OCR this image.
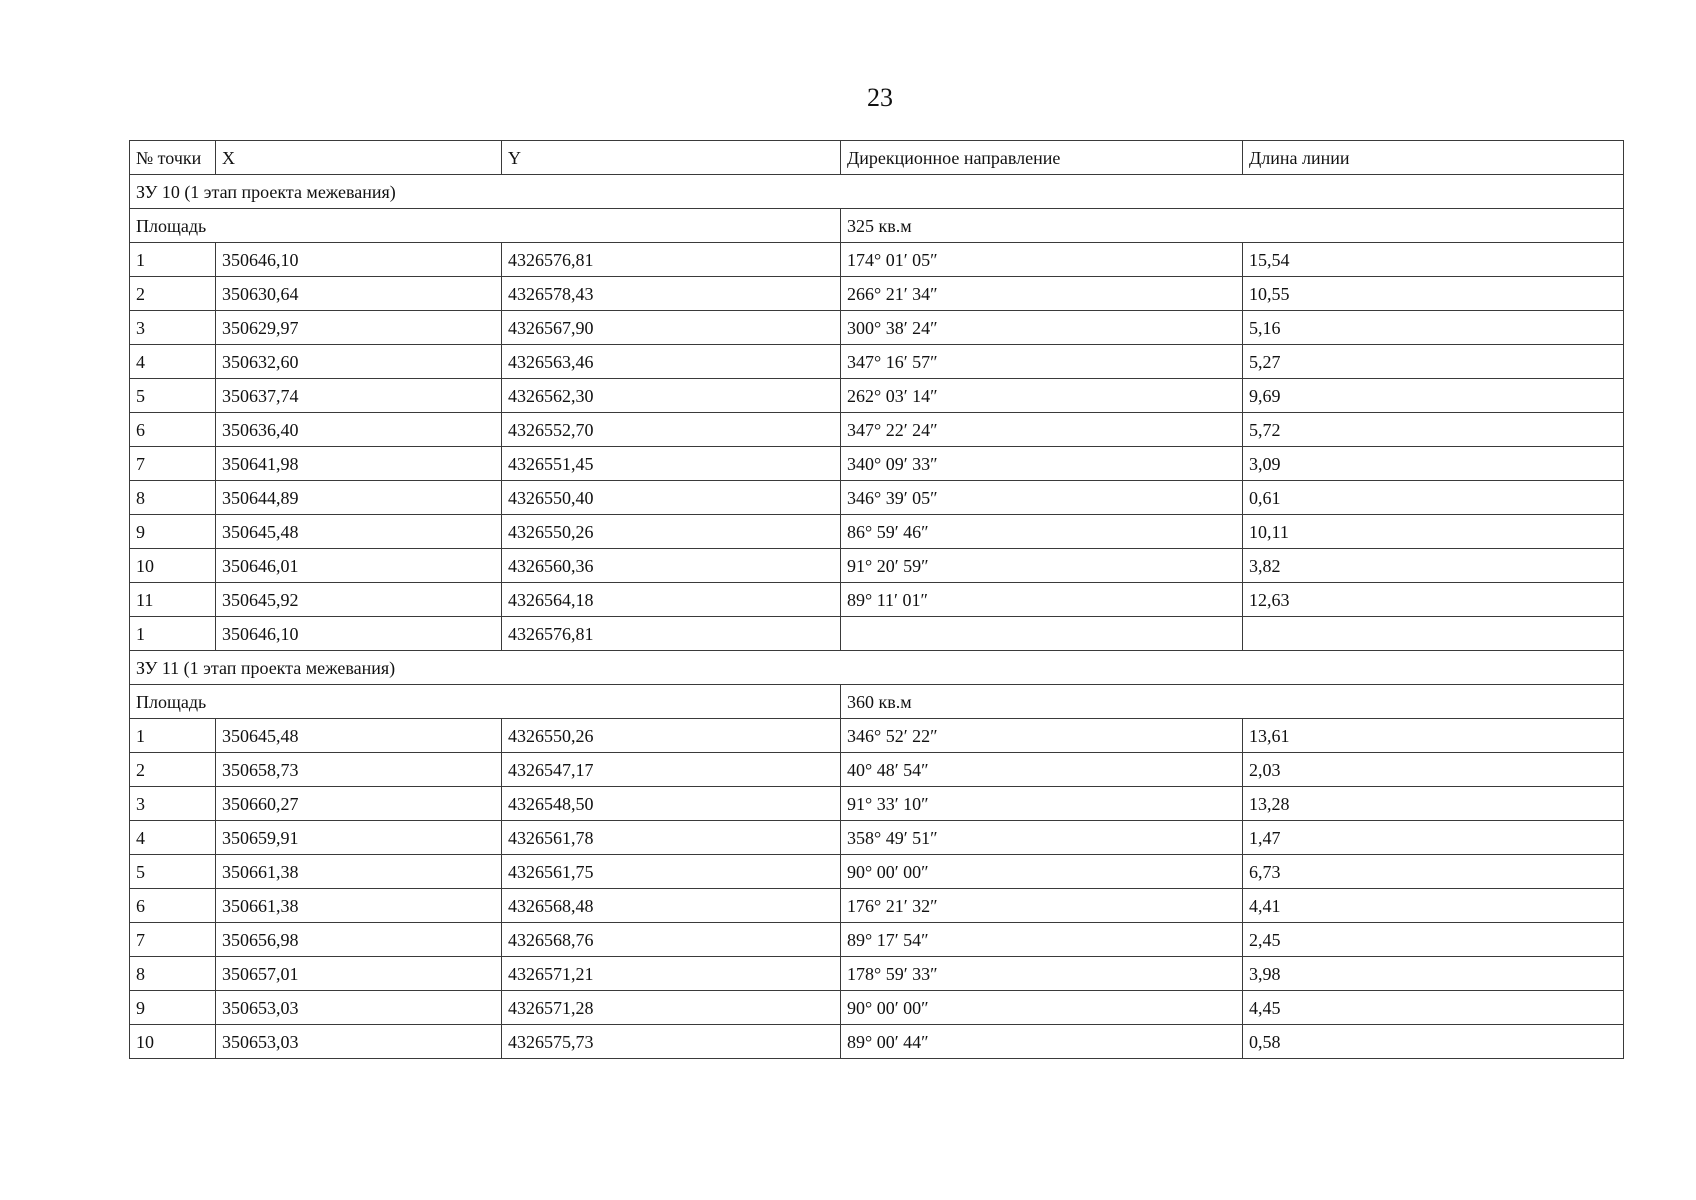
23
№ точки	X	Y	Дирекционное направление	Длина линии
ЗУ 10 (1 этап проекта межевания)				
Площадь			325 кв.м	
1	350646,10	4326576,81	174° 01′ 05″	15,54
2	350630,64	4326578,43	266° 21′ 34″	10,55
3	350629,97	4326567,90	300° 38′ 24″	5,16
4	350632,60	4326563,46	347° 16′ 57″	5,27
5	350637,74	4326562,30	262° 03′ 14″	9,69
6	350636,40	4326552,70	347° 22′ 24″	5,72
7	350641,98	4326551,45	340° 09′ 33″	3,09
8	350644,89	4326550,40	346° 39′ 05″	0,61
9	350645,48	4326550,26	86° 59′ 46″	10,11
10	350646,01	4326560,36	91° 20′ 59″	3,82
11	350645,92	4326564,18	89° 11′ 01″	12,63
1	350646,10	4326576,81		
ЗУ 11 (1 этап проекта межевания)				
Площадь			360 кв.м	
1	350645,48	4326550,26	346° 52′ 22″	13,61
2	350658,73	4326547,17	40° 48′ 54″	2,03
3	350660,27	4326548,50	91° 33′ 10″	13,28
4	350659,91	4326561,78	358° 49′ 51″	1,47
5	350661,38	4326561,75	90° 00′ 00″	6,73
6	350661,38	4326568,48	176° 21′ 32″	4,41
7	350656,98	4326568,76	89° 17′ 54″	2,45
8	350657,01	4326571,21	178° 59′ 33″	3,98
9	350653,03	4326571,28	90° 00′ 00″	4,45
10	350653,03	4326575,73	89° 00′ 44″	0,58
